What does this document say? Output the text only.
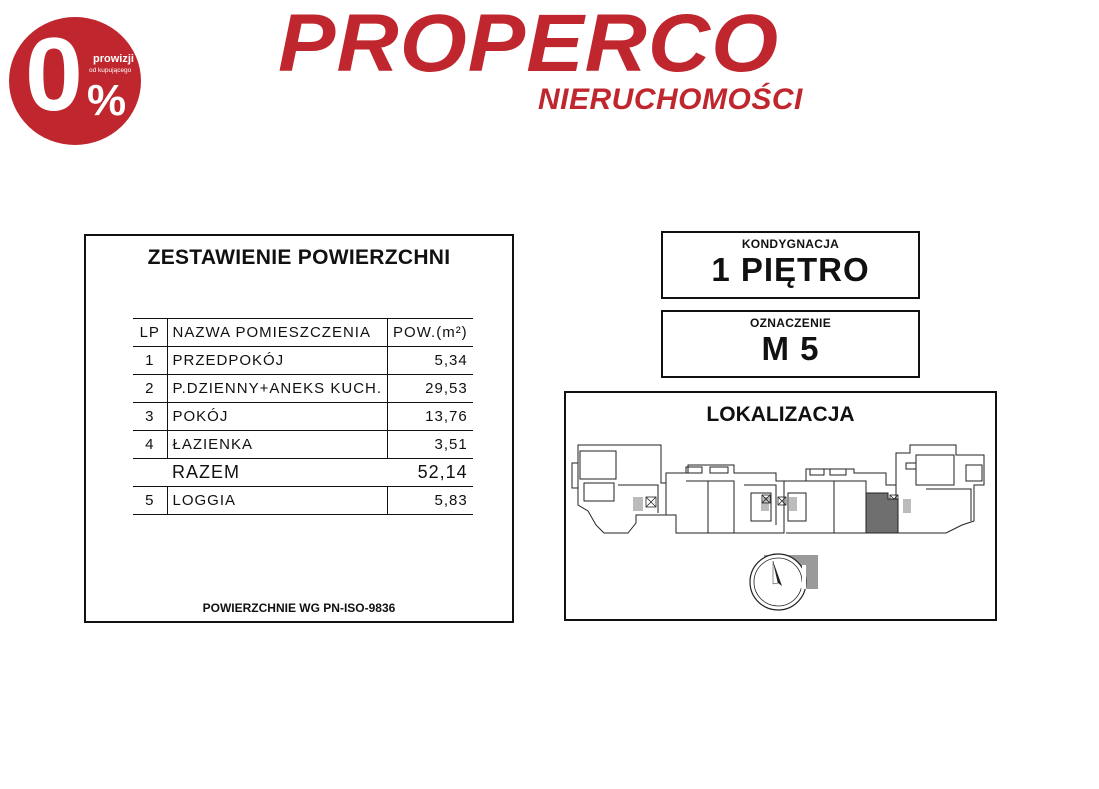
0 prowizji
od kupującego
%
PROPERCO
NIERUCHOMOŚCI
ZESTAWIENIE POWIERZCHNI
LP	NAZWA POMIESZCZENIA	POW.(m²)
1	PRZEDPOKÓJ	5,34
2	P.DZIENNY+ANEKS KUCH.	29,53
3	POKÓJ	13,76
4	ŁAZIENKA	3,51
	RAZEM	52,14
5	LOGGIA	5,83
POWIERZCHNIE WG PN-ISO-9836
KONDYGNACJA
1 PIĘTRO
OZNACZENIE
M 5
LOKALIZACJA
